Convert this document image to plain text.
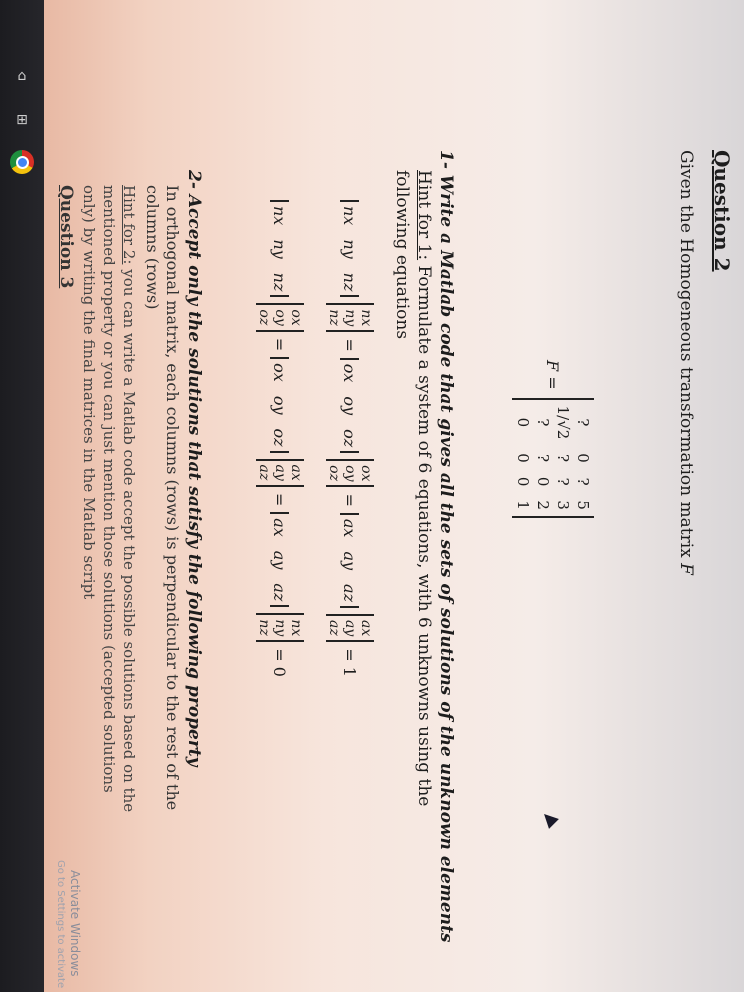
⌂
⊞
Question 2
Given the Homogeneous transformation matrix F
F =
?
0
?
5
1/√2
?
?
3
?
?
0
2
0
0
0
1
1- Write a Matlab code that gives all the sets of solutions of the unknown elements
Hint for 1: Formulate a system of 6 equations, with 6 unknowns using the
following equations
nx
ny
nz
nx
ny
nz
=
ox
oy
oz
ox
oy
oz
=
ax
ay
az
ax
ay
az
= 1
nx
ny
nz
ox
oy
oz
=
ox
oy
oz
ax
ay
az
=
ax
ay
az
nx
ny
nz
= 0
2- Accept only the solutions that satisfy the following property
In orthogonal matrix, each columns (rows) is perpendicular to the rest of the
columns (rows)
Hint for 2: you can write a Matlab code accept the possible solutions based on the
mentioned property or you can just mention those solutions (accepted solutions
only) by writing the final matrices in the Matlab script
Question 3
Activate Windows
Go to Settings to activate
